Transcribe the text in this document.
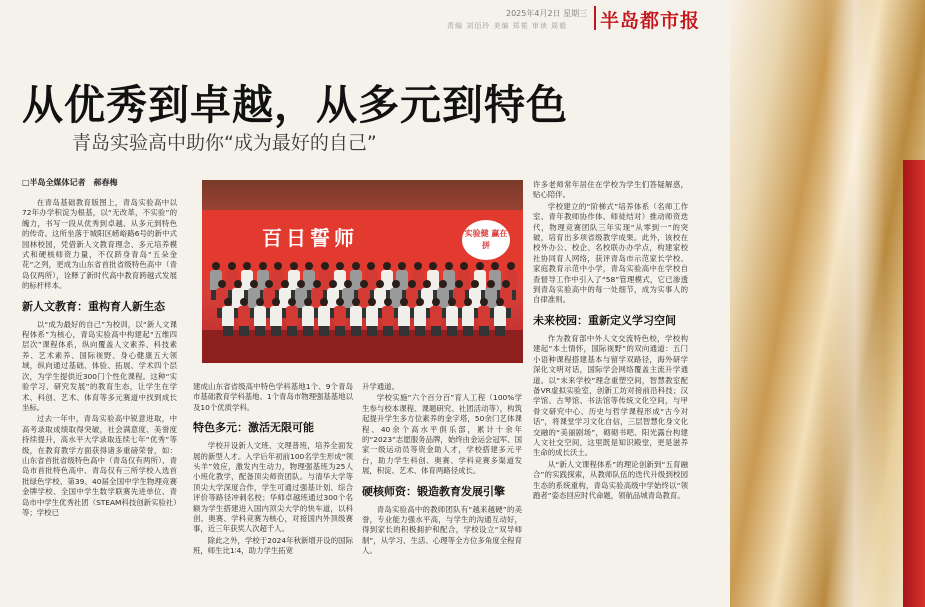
2025年4月2日 星期三
责编 刘佰玲 美编 郑冕 审读 周毅 半岛都市报
从优秀到卓越，从多元到特色
青岛实验高中助你“成为最好的自己”
□半岛全媒体记者　郝春梅

在青岛基础教育版图上，青岛实验高中以72年办学积淀为根基，以“无改革，不实验”的魄力，书写一段从优秀到卓越、从多元到特色的传奇。这所坐落于城阳区崂峪路6号的新中式园林校园，凭借新人文教育理念、多元培养模式和硬核师资力量，不仅跻身青岛“五朵金花”之列，更成为山东省首批省级特色高中（青岛仅两所），诠释了新时代高中教育跨越式发展的标杆样本。

新人文教育：重构育人新生态

以“成为最好的自己”为校训，以“新人文课程体系”为核心，青岛实验高中构建起“五维四层次”课程体系，纵向覆盖人文素养、科技素养、艺术素养、国际视野、身心健康五大领域，纵向通过基础、体验、拓展、学术四个层次，为学生提供近300门个性化课程。这种“实验学习、研究发展”的教育生态，让学生在学术、科创、艺术、体育等多元赛道中找到成长坐标。

过去一年中，青岛实验高中锐意进取，中高考录取成绩取得突破，社会满意度、美誉度持续提升，高水平大学录取连续七年“优秀”等级，在教育教学方面获得诸多重磅荣誉，如：山东省首批省级特色高中（青岛仅有两所）、青岛市首批特色高中、青岛仅有三所学校入选首批绿色学校、第39、40届全国中学生物理竞赛金牌学校、全国中学生数学联赛先进单位、青岛市中学生优秀社团（STEAM科技创新实验社）等；学校已

百日誓师	实验健 赢在拼

建成山东省省级高中特色学科基地1个、9个青岛市基础教育学科基地、1个青岛市物理强基基地以及10个优质学科。

特色多元：激活无限可能

学校开设新人文班、文理普班，培养全面发展的新型人才。入学后年初前100名学生形成“领头羊”效应，激发内生动力，物理强基班为25人小班化教学，配备顶尖师资团队。与清华大学等顶尖大学深度合作，学生可通过强基计划、综合评价等路径冲刺名校；华师卓越班通过300个名额为学生搭建进入国内顶尖大学的快车道，以科创、奥赛、学科竞赛为核心，对接国内外顶级赛事，近三年获奖人次超千人。

除此之外，学校于2024年秋新增开设的国际班，师生比1∶4，助力学生拓宽

升学通道。

学校实施“六个百分百”育人工程（100%学生参与校本课程、课题研究、社团活动等），构筑起提升学生多方位素养的金字塔，50余门艺体课程、40余个高水平俱乐部，累计十余年的“2023”志愿服务品牌，始终由金运会冠军、国家一级运动员等资金助人才，学校搭建多元平台，助力学生科创、奥赛、学科竞赛多渠道发展，积淀、艺术、体育两路径成长。

硬核师资：锻造教育发展引擎

青岛实验高中的教师团队有“越来越硬”的美誉，专业能力强水平高，与学生的沟通互动好，得到家长的积极拥护和配合，学校设立“双导师制”，从学习、生活、心理等全方位多角度全程育人。

许多老师常年居住在学校为学生们答疑解惑，贴心陪伴。

学校建立的“阶梯式”培养体系（名师工作室、青年教师协作体、师徒结对）推动师资迭代，物理竞赛团队三年实现“从零到一”的突破，培育出多项省级教学成果。此外，该校在校外办公、校企、名校联办办学点，构建家校社协同育人网络，获评青岛市示范家长学校、家庭教育示范中小学，青岛实验高中在学校自查督导工作中引入了“58”管理模式，它已渗透到青岛实验高中的每一处细节，成为实事人的自律准则。

未来校园：重新定义学习空间

作为教育部中外人文交流特色校，学校构建起“本土情怀，国际视野”的双向通道：五门小语种课程搭建基本与留学双路径，海外研学深化文明对话，国际学会网络覆盖主流升学通道。以“未来学校”理念重塑空间，智慧教室配备VR虚拟实验室，创新工坊对接前沿科技；汉学馆、古琴馆、书法馆等传统文化空间，与甲骨文研究中心、历史与哲学课程形成“古今对话”，将课堂学习文化自信，三层智慧化身文化交融的“美丽剧场”，砌砌书吧、阳光露台构建人文社交空间，这里既是知识殿堂，更是滋养生命的成长沃土。

从“新人文课程体系”的理论创新到“五育融合”的实践探索，从教师队伍的迭代升级到校园生态的系统重构，青岛实验高级中学始终以“领跑者”姿态回应时代命题，领航品城青岛教育。
